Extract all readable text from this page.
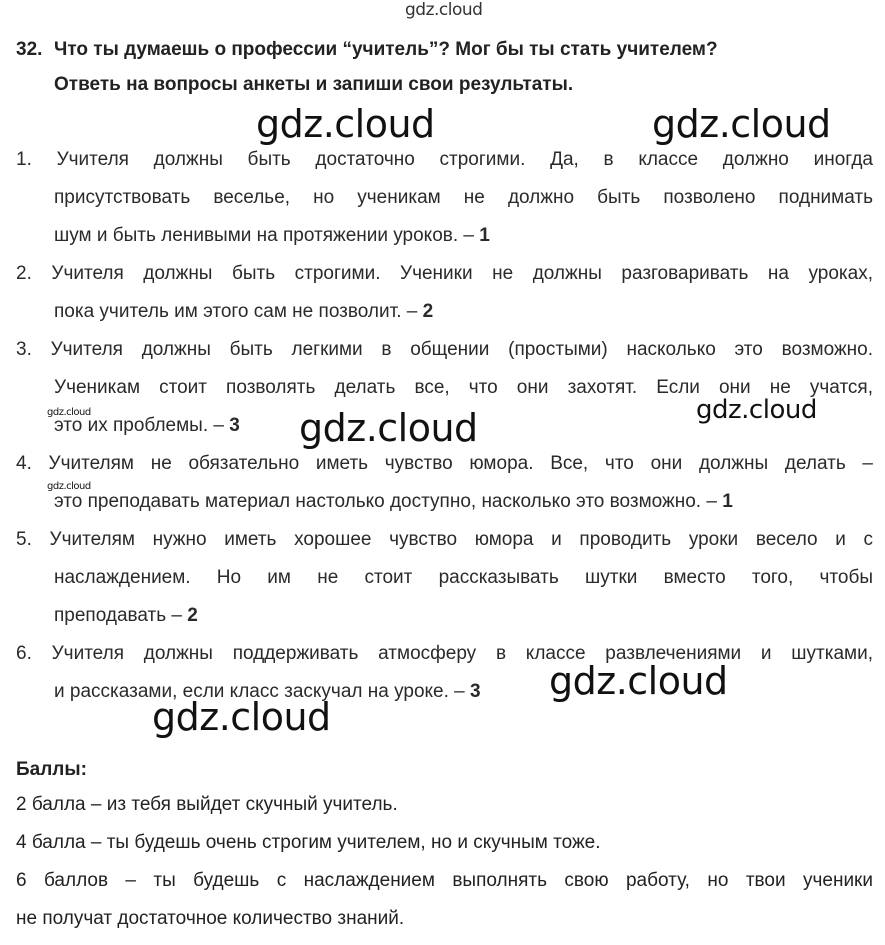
gdz.cloud
32. Что ты думаешь о профессии “учитель”? Мог бы ты стать учителем?
Ответь на вопросы анкеты и запиши свои результаты.
1. Учителя должны быть достаточно строгими. Да, в классе должно иногда
присутствовать веселье, но ученикам не должно быть позволено поднимать
шум и быть ленивыми на протяжении уроков. – 1
2. Учителя должны быть строгими. Ученики не должны разговаривать на уроках,
пока учитель им этого сам не позволит. – 2
3. Учителя должны быть легкими в общении (простыми) насколько это возможно.
Ученикам стоит позволять делать все, что они захотят. Если они не учатся,
это их проблемы. – 3
4. Учителям не обязательно иметь чувство юмора. Все, что они должны делать –
это преподавать материал настолько доступно, насколько это возможно. – 1
5. Учителям нужно иметь хорошее чувство юмора и проводить уроки весело и с
наслаждением. Но им не стоит рассказывать шутки вместо того, чтобы
преподавать – 2
6. Учителя должны поддерживать атмосферу в классе развлечениями и шутками,
и рассказами, если класс заскучал на уроке. – 3
Баллы:
2 балла – из тебя выйдет скучный учитель.
4 балла – ты будешь очень строгим учителем, но и скучным тоже.
6 баллов – ты будешь с наслаждением выполнять свою работу, но твои ученики
не получат достаточное количество знаний.
gdz.cloud	gdz.cloud
gdz.cloud
gdz.cloud
gdz.cloud
gdz.cloud
gdz.cloud
gdz.cloud
